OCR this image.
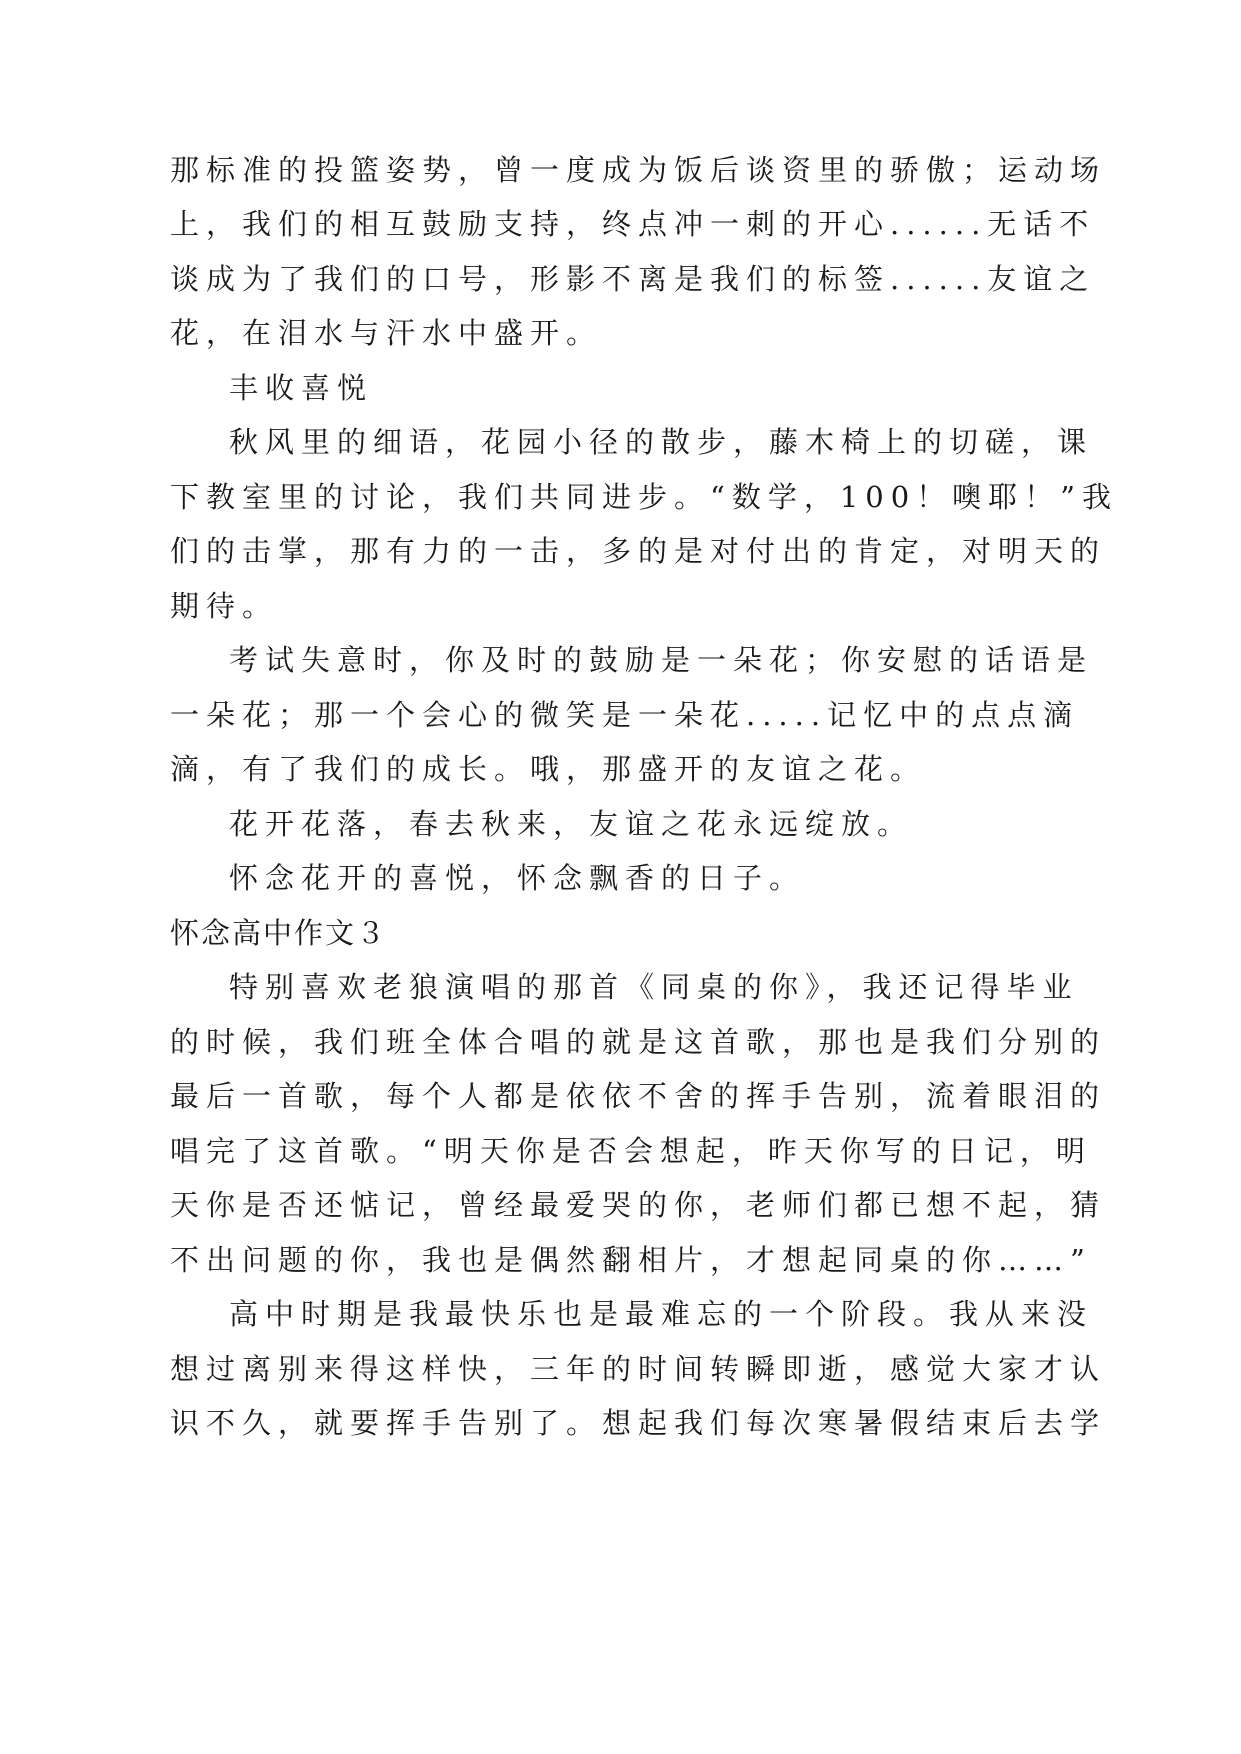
那标准的投篮姿势，曾一度成为饭后谈资里的骄傲；运动场
上，我们的相互鼓励支持，终点冲一刺的开心......无话不
谈成为了我们的口号，形影不离是我们的标签......友谊之
花，在泪水与汗水中盛开。
丰收喜悦
秋风里的细语，花园小径的散步，藤木椅上的切磋，课
下教室里的讨论，我们共同进步。“数学，100！噢耶！”我
们的击掌，那有力的一击，多的是对付出的肯定，对明天的
期待。
考试失意时，你及时的鼓励是一朵花；你安慰的话语是
一朵花；那一个会心的微笑是一朵花.....记忆中的点点滴
滴，有了我们的成长。哦，那盛开的友谊之花。
花开花落，春去秋来，友谊之花永远绽放。
怀念花开的喜悦，怀念飘香的日子。
怀念高中作文３
特别喜欢老狼演唱的那首《同桌的你》，我还记得毕业
的时候，我们班全体合唱的就是这首歌，那也是我们分别的
最后一首歌，每个人都是依依不舍的挥手告别，流着眼泪的
唱完了这首歌。“明天你是否会想起，昨天你写的日记，明
天你是否还惦记，曾经最爱哭的你，老师们都已想不起，猜
不出问题的你，我也是偶然翻相片，才想起同桌的你……”
高中时期是我最快乐也是最难忘的一个阶段。我从来没
想过离别来得这样快，三年的时间转瞬即逝，感觉大家才认
识不久，就要挥手告别了。想起我们每次寒暑假结束后去学
